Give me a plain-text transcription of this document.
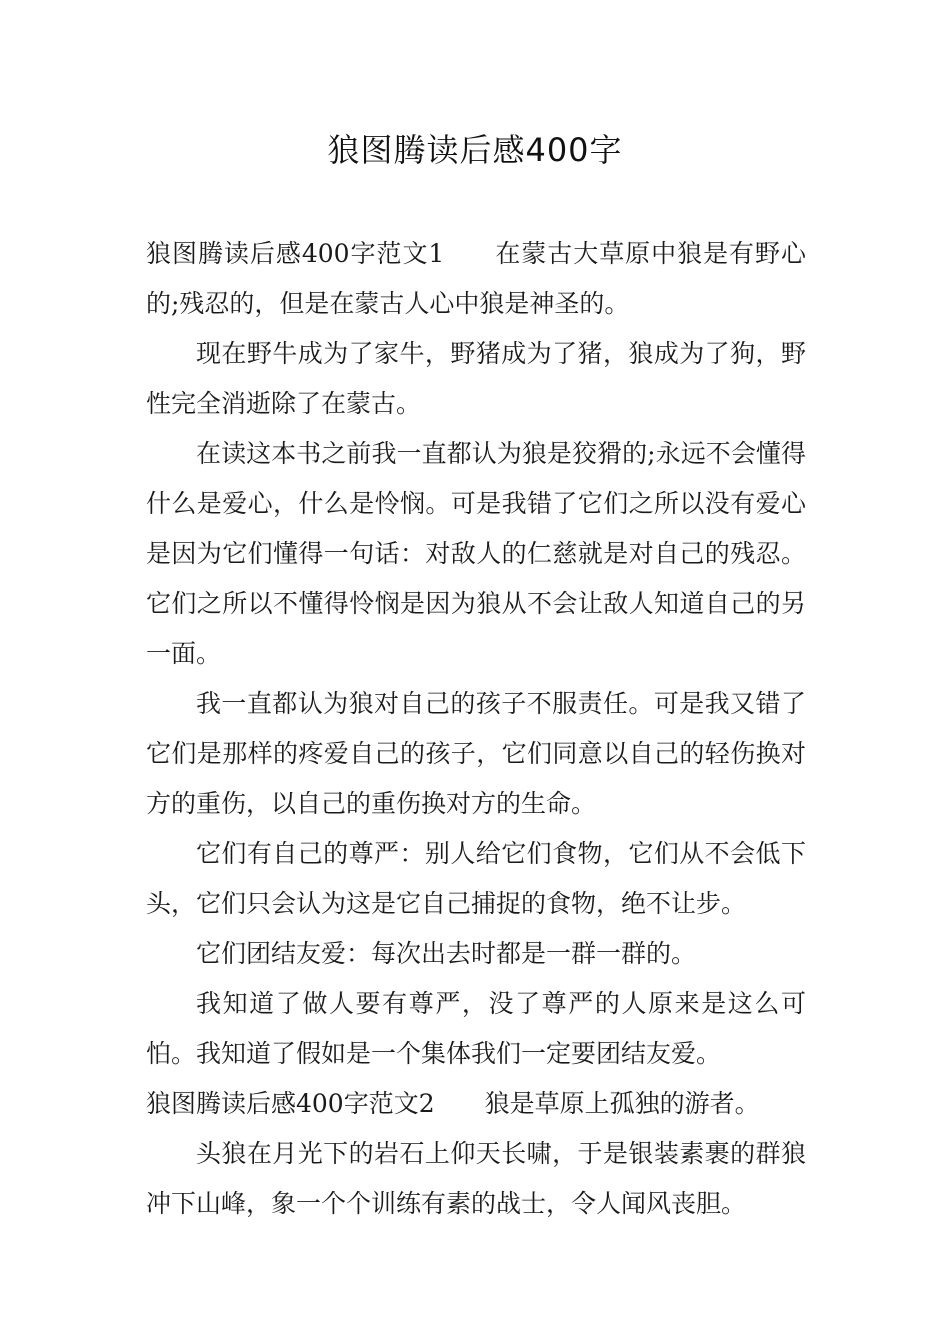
狼图腾读后感400字

狼图腾读后感400字范文1 在蒙古大草原中狼是有野心的;残忍的，但是在蒙古人心中狼是神圣的。

现在野牛成为了家牛，野猪成为了猪，狼成为了狗，野性完全消逝除了在蒙古。

在读这本书之前我一直都认为狼是狡猾的;永远不会懂得什么是爱心，什么是怜悯。可是我错了它们之所以没有爱心是因为它们懂得一句话：对敌人的仁慈就是对自己的残忍。它们之所以不懂得怜悯是因为狼从不会让敌人知道自己的另一面。

我一直都认为狼对自己的孩子不服责任。可是我又错了它们是那样的疼爱自己的孩子，它们同意以自己的轻伤换对方的重伤，以自己的重伤换对方的生命。

它们有自己的尊严：别人给它们食物，它们从不会低下头，它们只会认为这是它自己捕捉的食物，绝不让步。

它们团结友爱：每次出去时都是一群一群的。

我知道了做人要有尊严，没了尊严的人原来是这么可怕。我知道了假如是一个集体我们一定要团结友爱。

狼图腾读后感400字范文2 狼是草原上孤独的游者。

头狼在月光下的岩石上仰天长啸，于是银装素裹的群狼冲下山峰，象一个个训练有素的战士，令人闻风丧胆。
